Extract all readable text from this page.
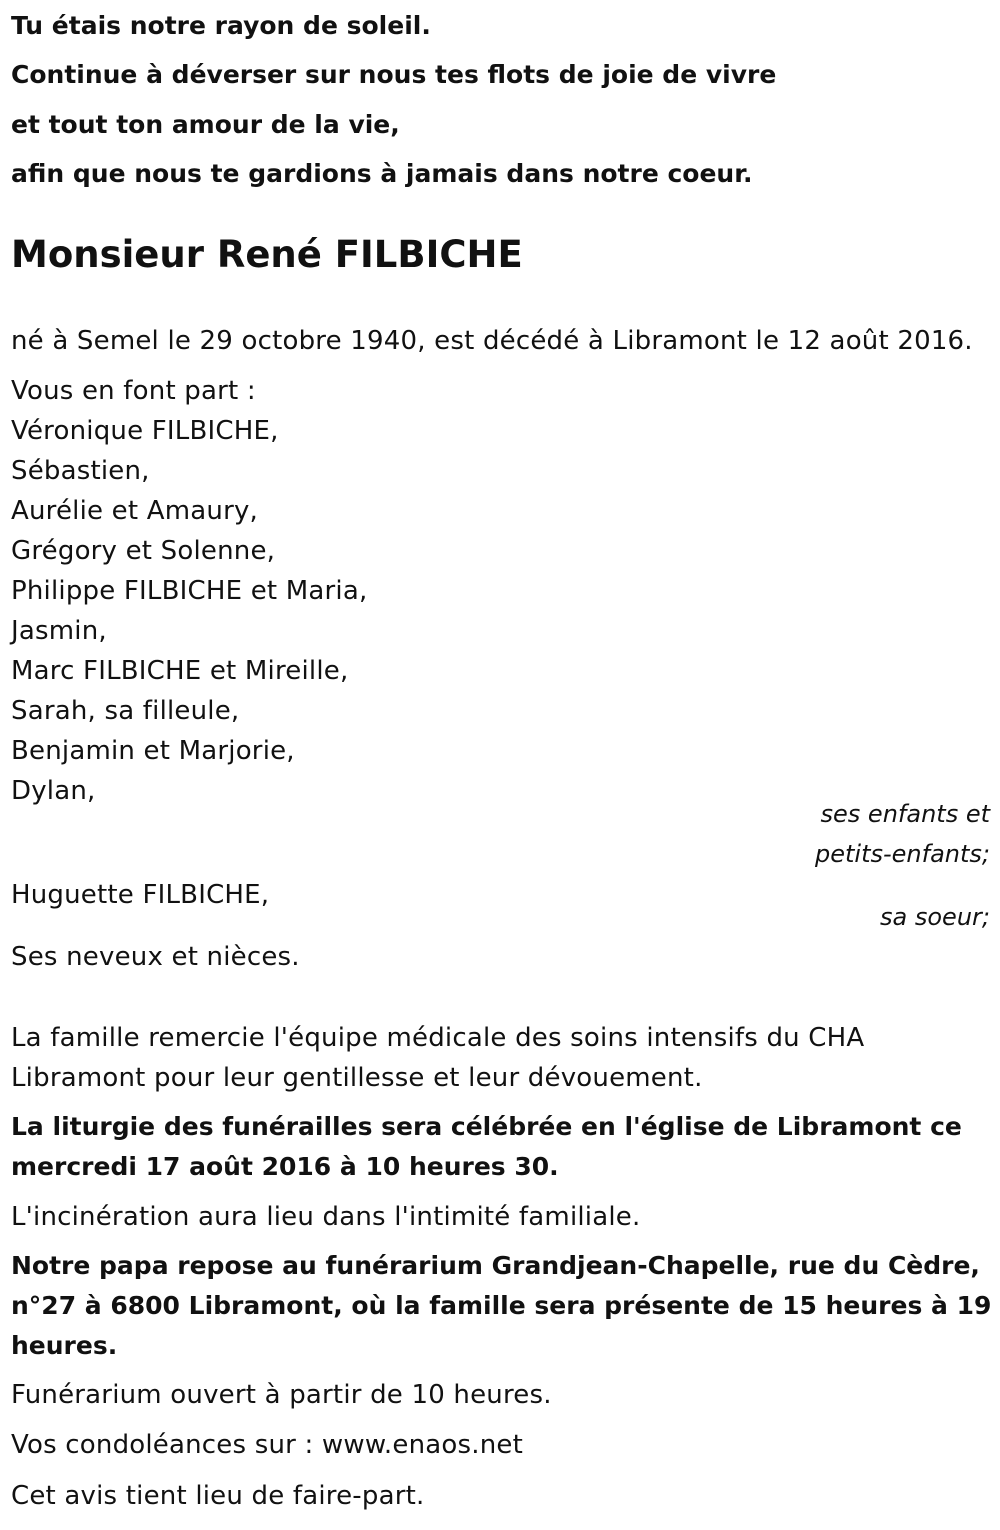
Tu étais notre rayon de soleil.

Continue à déverser sur nous tes flots de joie de vivre

et tout ton amour de la vie,

afin que nous te gardions à jamais dans notre coeur.

Monsieur René FILBICHE

né à Semel le 29 octobre 1940, est décédé à Libramont le 12 août 2016.

Vous en font part :

Véronique FILBICHE,

Sébastien,

Aurélie et Amaury,

Grégory et Solenne,

Philippe FILBICHE et Maria,

Jasmin,

Marc FILBICHE et Mireille,

Sarah, sa filleule,

Benjamin et Marjorie,

Dylan,

ses enfants et

petits-enfants;

Huguette FILBICHE,

sa soeur;

Ses neveux et nièces.

La famille remercie l'équipe médicale des soins intensifs du CHA

Libramont pour leur gentillesse et leur dévouement.

La liturgie des funérailles sera célébrée en l'église de Libramont ce

mercredi 17 août 2016 à 10 heures 30.

L'incinération aura lieu dans l'intimité familiale.

Notre papa repose au funérarium Grandjean-Chapelle, rue du Cèdre,

n°27 à 6800 Libramont, où la famille sera présente de 15 heures à 19

heures.

Funérarium ouvert à partir de 10 heures.

Vos condoléances sur : www.enaos.net

Cet avis tient lieu de faire-part.
